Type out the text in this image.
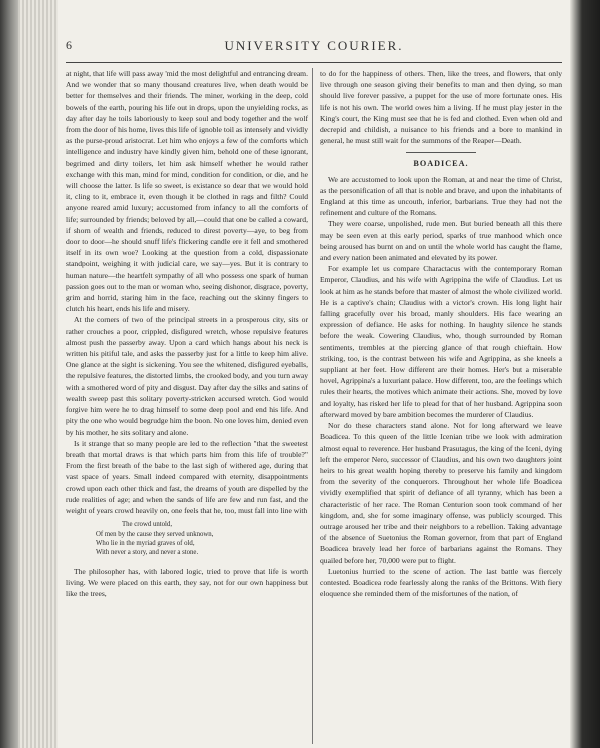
6	UNIVERSITY COURIER.

at night, that life will pass away 'mid the most delightful and entrancing dream. And we wonder that so many thousand creatures live, when death would be better for themselves and their friends. The miner, working in the deep, cold bowels of the earth, pouring his life out in drops, upon the unyielding rocks, as day after day he toils laboriously to keep soul and body together and the wolf from the door of his home, lives this life of ignoble toil as intensely and vividly as the purse-proud aristocrat. Let him who enjoys a few of the comforts which intelligence and industry have kindly given him, behold one of these ignorant, begrimed and dirty toilers, let him ask himself whether he would rather exchange with this man, mind for mind, condition for condition, or die, and he will choose the latter. Is life so sweet, is existance so dear that we would hold it, cling to it, embrace it, even though it be clothed in rags and filth? Could anyone reared amid luxury; accustomed from infancy to all the comforts of life; surrounded by friends; beloved by all,—could that one be called a coward, if shorn of wealth and friends, reduced to direst poverty—aye, to beg from door to door—he should snuff life's flickering candle ere it fell and smothered itself in its own woe? Looking at the question from a cold, dispassionate standpoint, weighing it with judicial care, we say—yes. But it is contrary to human nature—the heartfelt sympathy of all who possess one spark of human passion goes out to the man or woman who, seeing dishonor, disgrace, poverty, grim and horrid, staring him in the face, reaching out the skinny fingers to clutch his heart, ends his life and misery.

At the corners of two of the principal streets in a prosperous city, sits or rather crouches a poor, crippled, disfigured wretch, whose repulsive features almost push the passerby away. Upon a card which hangs about his neck is written his pitiful tale, and asks the passerby just for a little to keep him alive. One glance at the sight is sickening. You see the whitened, disfigured eyeballs, the repulsive features, the distorted limbs, the crooked body, and you turn away with a smothered word of pity and disgust. Day after day the silks and satins of wealth sweep past this solitary poverty-stricken accursed wretch. God would forgive him were he to drag himself to some deep pool and end his life. And pity the one who would begrudge him the boon. No one loves him, denied even by his mother, he sits solitary and alone.

Is it strange that so many people are led to the reflection "that the sweetest breath that mortal draws is that which parts him from this life of trouble?" From the first breath of the babe to the last sigh of withered age, during that vast space of years. Small indeed compared with eternity, disappointments crowd upon each other thick and fast, the dreams of youth are dispelled by the rude realities of age; and when the sands of life are few and run fast, and the weight of years crowd heavily on, one feels that he, too, must fall into line with

The crowd untold,
Of men by the cause they served unknown,
Who lie in the myriad graves of old,
With never a story, and never a stone.

The philosopher has, with labored logic, tried to prove that life is worth living. We were placed on this earth, they say, not for our own happiness but like the trees,

to do for the happiness of others. Then, like the trees, and flowers, that only live through one season giving their benefits to man and then dying, so man should live forever passive, a puppet for the use of more fortunate ones. His life is not his own. The world owes him a living. If he must play jester in the King's court, the King must see that he is fed and clothed. Even when old and decrepid and childish, a nuisance to his friends and a bore to mankind in general, he must still wait for the summons of the Reaper—Death.

BOADICEA.

We are accustomed to look upon the Roman, at and near the time of Christ, as the personification of all that is noble and brave, and upon the inhabitants of England at this time as uncouth, inferior, barbarians. True they had not the refinement and culture of the Romans.

They were coarse, unpolished, rude men. But buried beneath all this there may be seen even at this early period, sparks of true manhood which once being aroused has burnt on and on until the whole world has caught the flame, and every nation been animated and elevated by its power.

For example let us compare Charactacus with the contemporary Roman Emperor, Claudius, and his wife with Agrippina the wife of Claudius. Let us look at him as he stands before that master of almost the whole civilized world. He is a captive's chain; Claudius with a victor's crown. His long light hair falling gracefully over his broad, manly shoulders. His face wearing an expression of defiance. He asks for nothing. In haughty silence he stands before the weak. Cowering Claudius, who, though surrounded by Roman sentiments, trembles at the piercing glance of that rough chieftain. How striking, too, is the contrast between his wife and Agrippina, as she kneels a suppliant at her feet. How different are their homes. Her's but a miserable hovel, Agrippina's a luxuriant palace. How different, too, are the feelings which rules their hearts, the motives which animate their actions. She, moved by love and loyalty, has risked her life to plead for that of her husband. Agrippina soon afterward moved by bare ambition becomes the murderer of Claudius.

Nor do these characters stand alone. Not for long afterward we leave Boadicea. To this queen of the little Icenian tribe we look with admiration almost equal to reverence. Her husband Prasutagus, the king of the Iceni, dying left the emperor Nero, successor of Claudius, and his own two daughters joint heirs to his great wealth hoping thereby to preserve his family and kingdom from the severity of the conquerors. Throughout her whole life Boadicea vividly exemplified that spirit of defiance of all tyranny, which has been a characteristic of her race. The Roman Centurion soon took command of her kingdom, and, she for some imaginary offense, was publicly scourged. This outrage aroused her tribe and their neighbors to a rebellion. Taking advantage of the absence of Suetonius the Roman governor, from that part of England Boadicea bravely lead her force of barbarians against the Romans. They quailed before her, 70,000 were put to flight.

Luetonius hurried to the scene of action. The last battle was fiercely contested. Boadicea rode fearlessly along the ranks of the Brittons. With fiery eloquence she reminded them of the misfortunes of the nation, of
